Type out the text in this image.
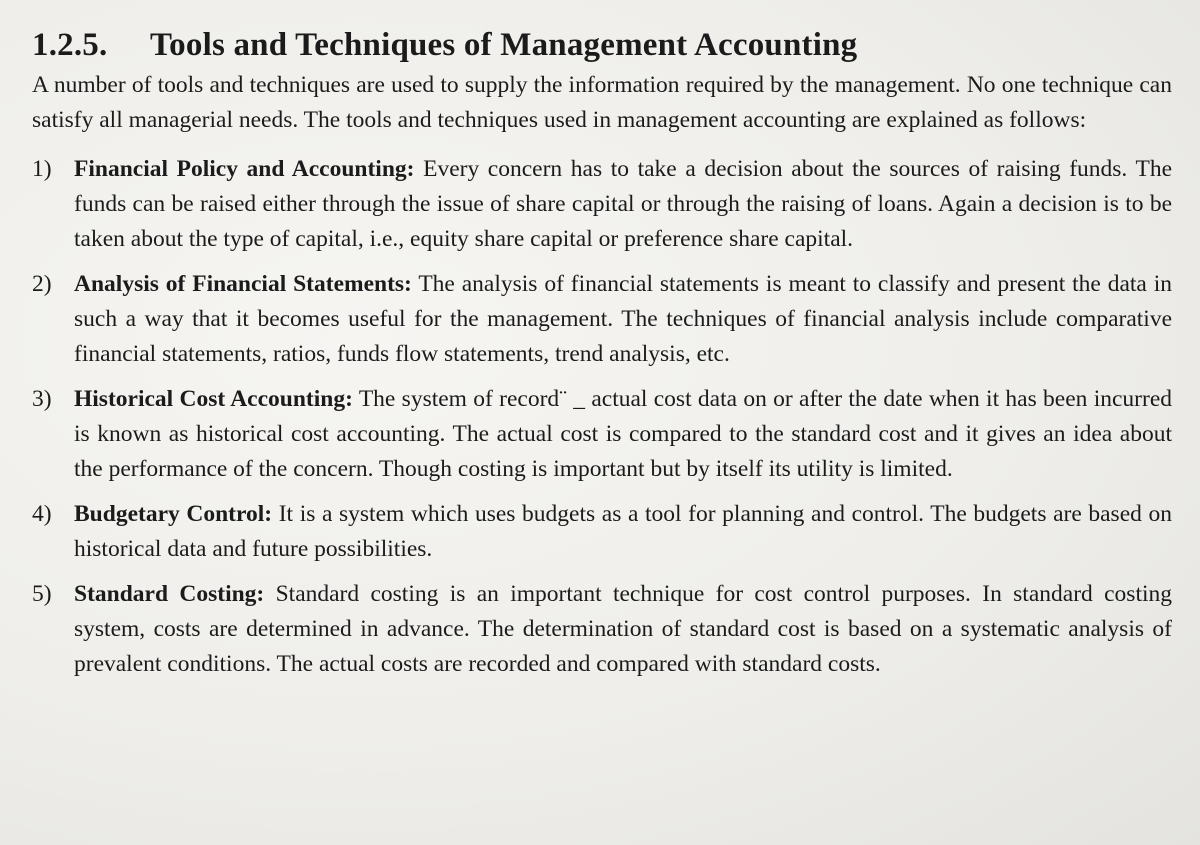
1.2.5. Tools and Techniques of Management Accounting

A number of tools and techniques are used to supply the information required by the management. No one technique can satisfy all managerial needs. The tools and techniques used in management accounting are explained as follows:

1) Financial Policy and Accounting: Every concern has to take a decision about the sources of raising funds. The funds can be raised either through the issue of share capital or through the raising of loans. Again a decision is to be taken about the type of capital, i.e., equity share capital or preference share capital.
2) Analysis of Financial Statements: The analysis of financial statements is meant to classify and present the data in such a way that it becomes useful for the management. The techniques of financial analysis include comparative financial statements, ratios, funds flow statements, trend analysis, etc.
3) Historical Cost Accounting: The system of record¨ _ actual cost data on or after the date when it has been incurred is known as historical cost accounting. The actual cost is compared to the standard cost and it gives an idea about the performance of the concern. Though costing is important but by itself its utility is limited.
4) Budgetary Control: It is a system which uses budgets as a tool for planning and control. The budgets are based on historical data and future possibilities.
5) Standard Costing: Standard costing is an important technique for cost control purposes. In standard costing system, costs are determined in advance. The determination of standard cost is based on a systematic analysis of prevalent conditions. The actual costs are recorded and compared with standard costs.
